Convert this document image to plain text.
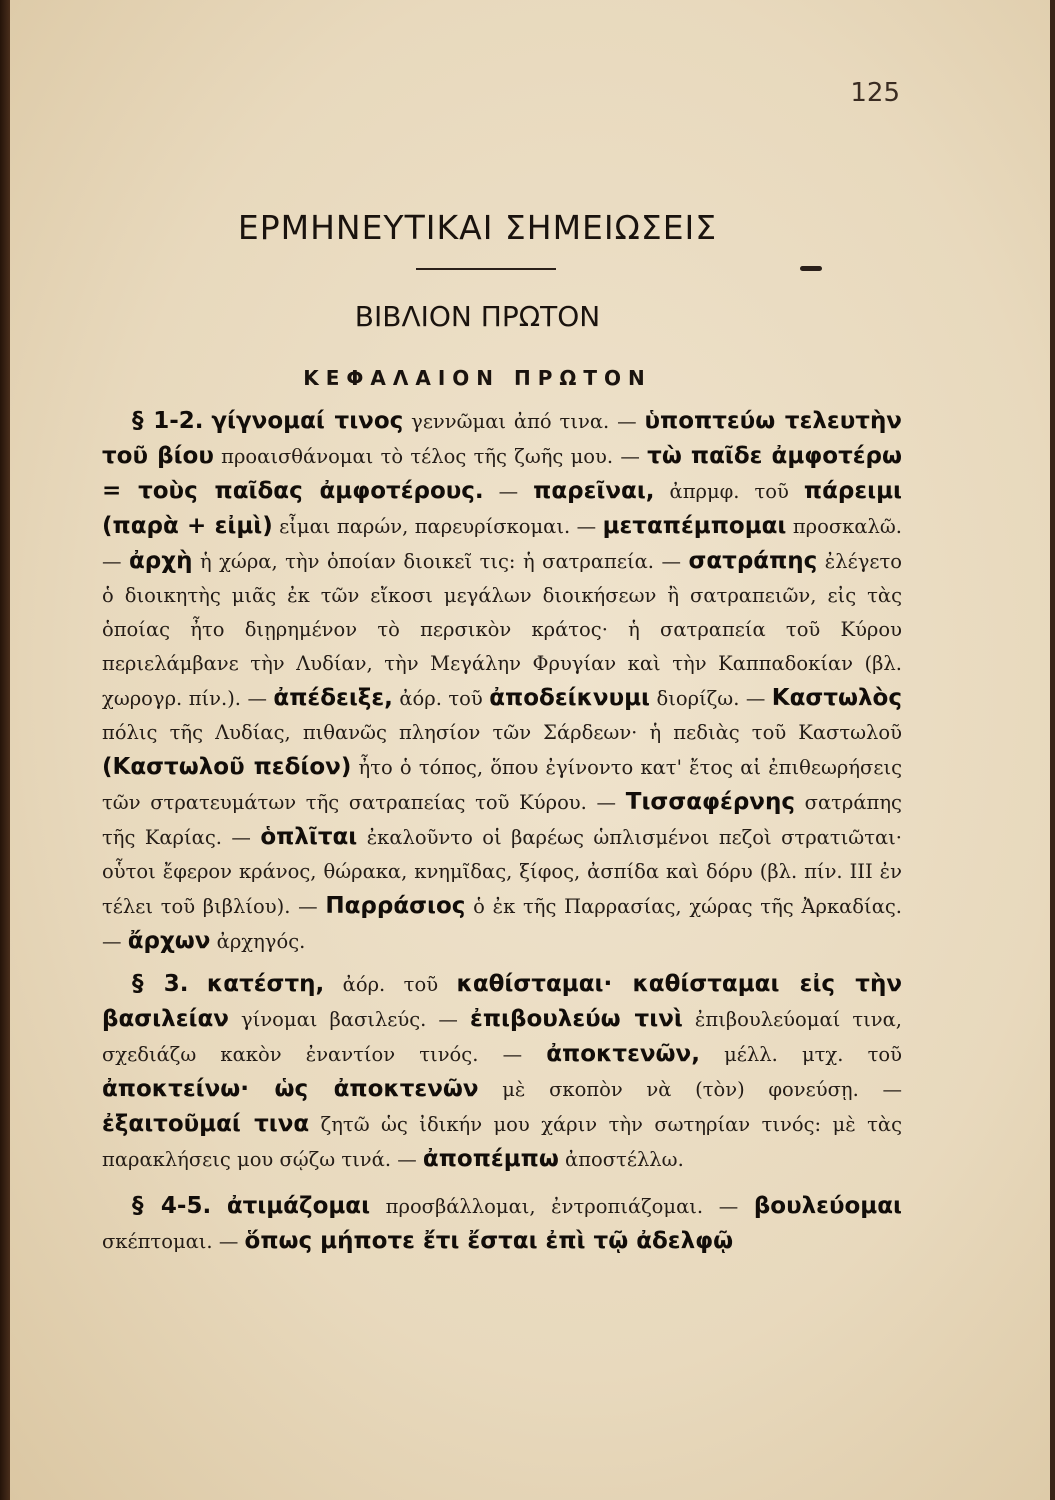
125
ΕΡΜΗΝΕΥΤΙΚΑΙ ΣΗΜΕΙΩΣΕΙΣ
ΒΙΒΛΙΟΝ ΠΡΩΤΟΝ
ΚΕΦΑΛΑΙΟΝ ΠΡΩΤΟΝ

§ 1-2. γίγνομαί τινος γεννῶμαι ἀπό τινα. — ὑποπτεύω τελευτὴν τοῦ βίου προαισθάνομαι τὸ τέλος τῆς ζωῆς μου. — τὼ παῖδε ἀμφοτέρω = τοὺς παῖδας ἀμφοτέρους. — παρεῖναι, ἀπρμφ. τοῦ πάρειμι (παρὰ + εἰμὶ) εἶμαι παρών, παρευρίσκομαι. — μεταπέμπομαι προσκαλῶ. — ἀρχὴ ἡ χώρα, τὴν ὁποίαν διοικεῖ τις: ἡ σατραπεία. — σατράπης ἐλέγετο ὁ διοικητὴς μιᾶς ἐκ τῶν εἴκοσι μεγάλων διοικήσεων ἢ σατραπειῶν, εἰς τὰς ὁποίας ἦτο διῃρημένον τὸ περσικὸν κράτος· ἡ σατραπεία τοῦ Κύρου περιελάμβανε τὴν Λυδίαν, τὴν Μεγάλην Φρυγίαν καὶ τὴν Καππαδοκίαν (βλ. χωρογρ. πίν.). — ἀπέδειξε, ἀόρ. τοῦ ἀποδείκνυμι διορίζω. — Καστωλὸς πόλις τῆς Λυδίας, πιθανῶς πλησίον τῶν Σάρδεων· ἡ πεδιὰς τοῦ Καστωλοῦ (Καστωλοῦ πεδίον) ἦτο ὁ τόπος, ὅπου ἐγίνοντο κατ' ἔτος αἱ ἐπιθεωρήσεις τῶν στρατευμάτων τῆς σατραπείας τοῦ Κύρου. — Τισσαφέρνης σατράπης τῆς Καρίας. — ὁπλῖται ἐκαλοῦντο οἱ βαρέως ὡπλισμένοι πεζοὶ στρατιῶται· οὗτοι ἔφερον κράνος, θώρακα, κνημῖδας, ξίφος, ἀσπίδα καὶ δόρυ (βλ. πίν. III ἐν τέλει τοῦ βιβλίου). — Παρράσιος ὁ ἐκ τῆς Παρρασίας, χώρας τῆς Ἀρκαδίας. — ἄρχων ἀρχηγός.

§ 3. κατέστη, ἀόρ. τοῦ καθίσταμαι· καθίσταμαι εἰς τὴν βασιλείαν γίνομαι βασιλεύς. — ἐπιβουλεύω τινὶ ἐπιβουλεύομαί τινα, σχεδιάζω κακὸν ἐναντίον τινός. — ἀποκτενῶν, μέλλ. μτχ. τοῦ ἀποκτείνω· ὡς ἀποκτενῶν μὲ σκοπὸν νὰ (τὸν) φονεύσῃ. — ἐξαιτοῦμαί τινα ζητῶ ὡς ἰδικήν μου χάριν τὴν σωτηρίαν τινός: μὲ τὰς παρακλήσεις μου σῴζω τινά. — ἀποπέμπω ἀποστέλλω.

§ 4-5. ἀτιμάζομαι προσβάλλομαι, ἐντροπιάζομαι. — βουλεύομαι σκέπτομαι. — ὅπως μήποτε ἔτι ἔσται ἐπὶ τῷ ἀδελφῷ
